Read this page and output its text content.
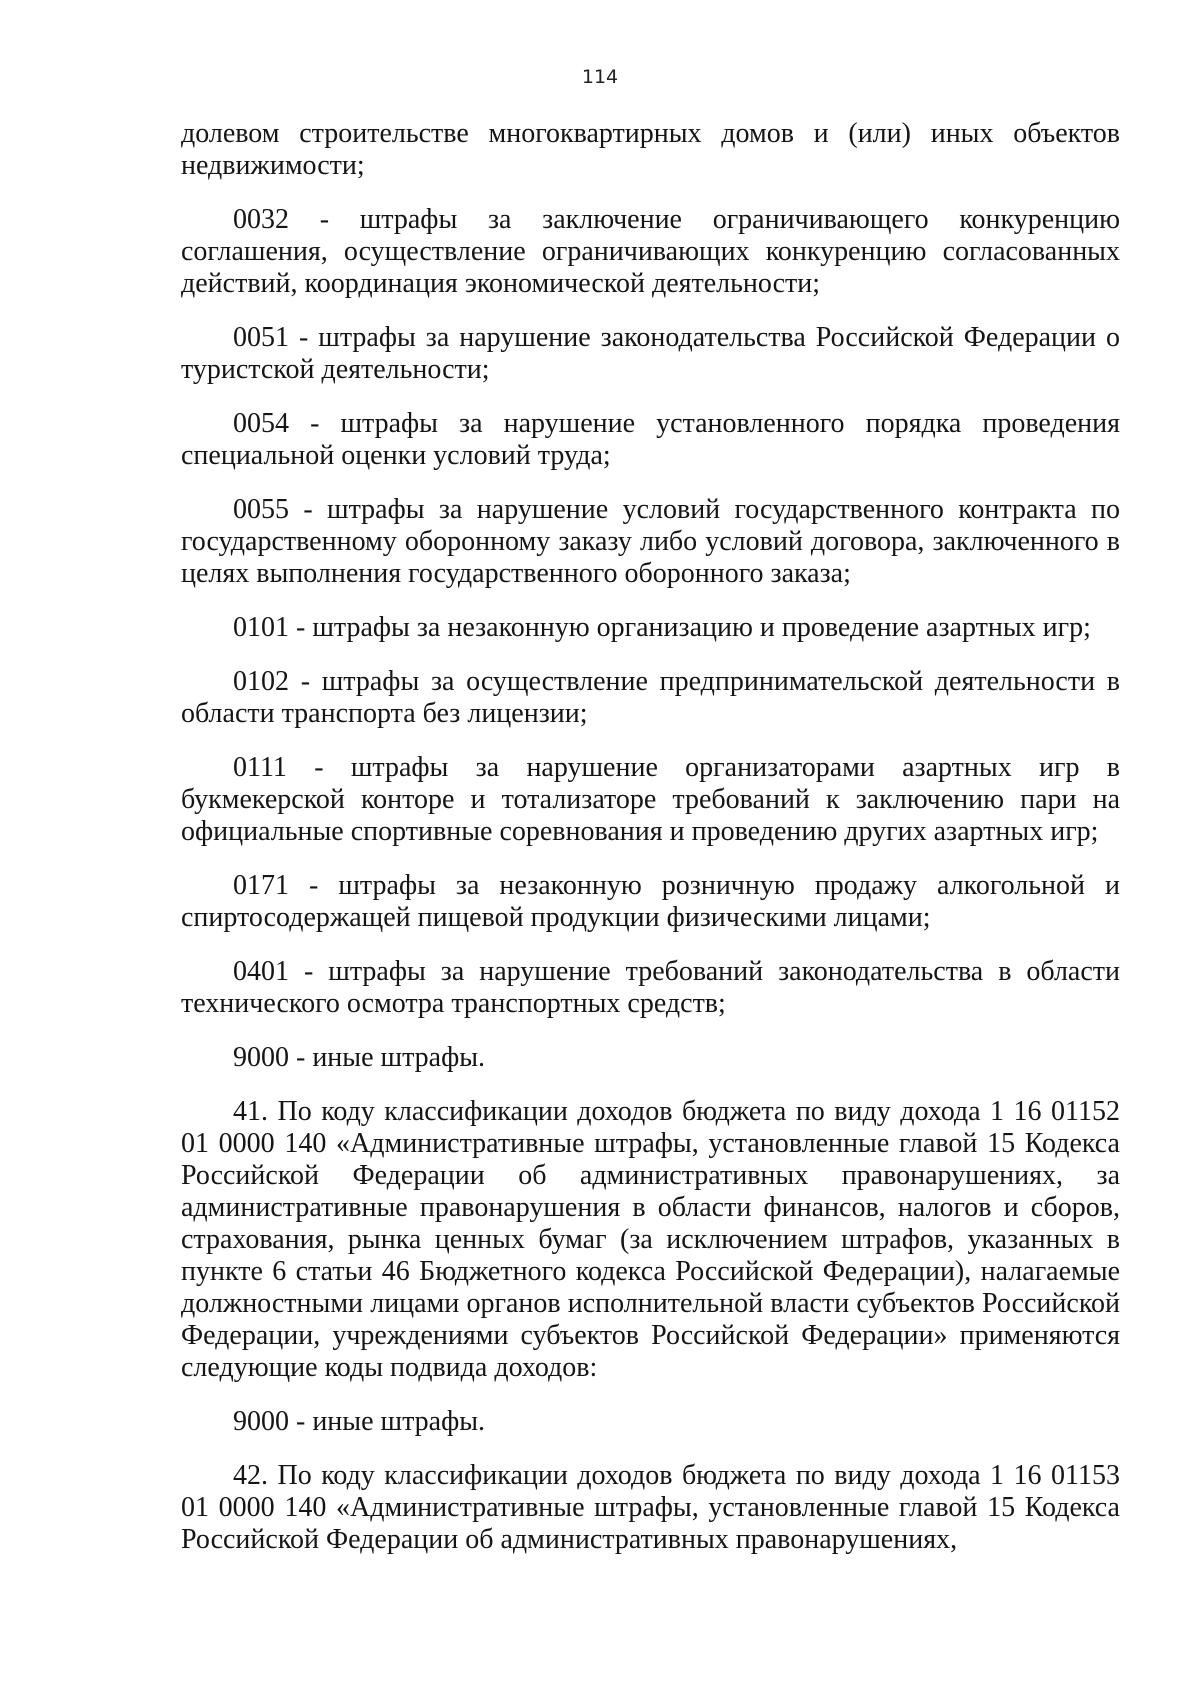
114

долевом строительстве многоквартирных домов и (или) иных объектов недвижимости;

0032 - штрафы за заключение ограничивающего конкуренцию соглашения, осуществление ограничивающих конкуренцию согласованных действий, координация экономической деятельности;

0051 - штрафы за нарушение законодательства Российской Федерации о туристской деятельности;

0054 - штрафы за нарушение установленного порядка проведения специальной оценки условий труда;

0055 - штрафы за нарушение условий государственного контракта по государственному оборонному заказу либо условий договора, заключенного в целях выполнения государственного оборонного заказа;

0101 - штрафы за незаконную организацию и проведение азартных игр;

0102 - штрафы за осуществление предпринимательской деятельности в области транспорта без лицензии;

0111 - штрафы за нарушение организаторами азартных игр в букмекерской конторе и тотализаторе требований к заключению пари на официальные спортивные соревнования и проведению других азартных игр;

0171 - штрафы за незаконную розничную продажу алкогольной и спиртосодержащей пищевой продукции физическими лицами;

0401 - штрафы за нарушение требований законодательства в области технического осмотра транспортных средств;

9000 - иные штрафы.

41. По коду классификации доходов бюджета по виду дохода 1 16 01152 01 0000 140 «Административные штрафы, установленные главой 15 Кодекса Российской Федерации об административных правонарушениях, за административные правонарушения в области финансов, налогов и сборов, страхования, рынка ценных бумаг (за исключением штрафов, указанных в пункте 6 статьи 46 Бюджетного кодекса Российской Федерации), налагаемые должностными лицами органов исполнительной власти субъектов Российской Федерации, учреждениями субъектов Российской Федерации» применяются следующие коды подвида доходов:

9000 - иные штрафы.

42. По коду классификации доходов бюджета по виду дохода 1 16 01153 01 0000 140 «Административные штрафы, установленные главой 15 Кодекса Российской Федерации об административных правонарушениях,
